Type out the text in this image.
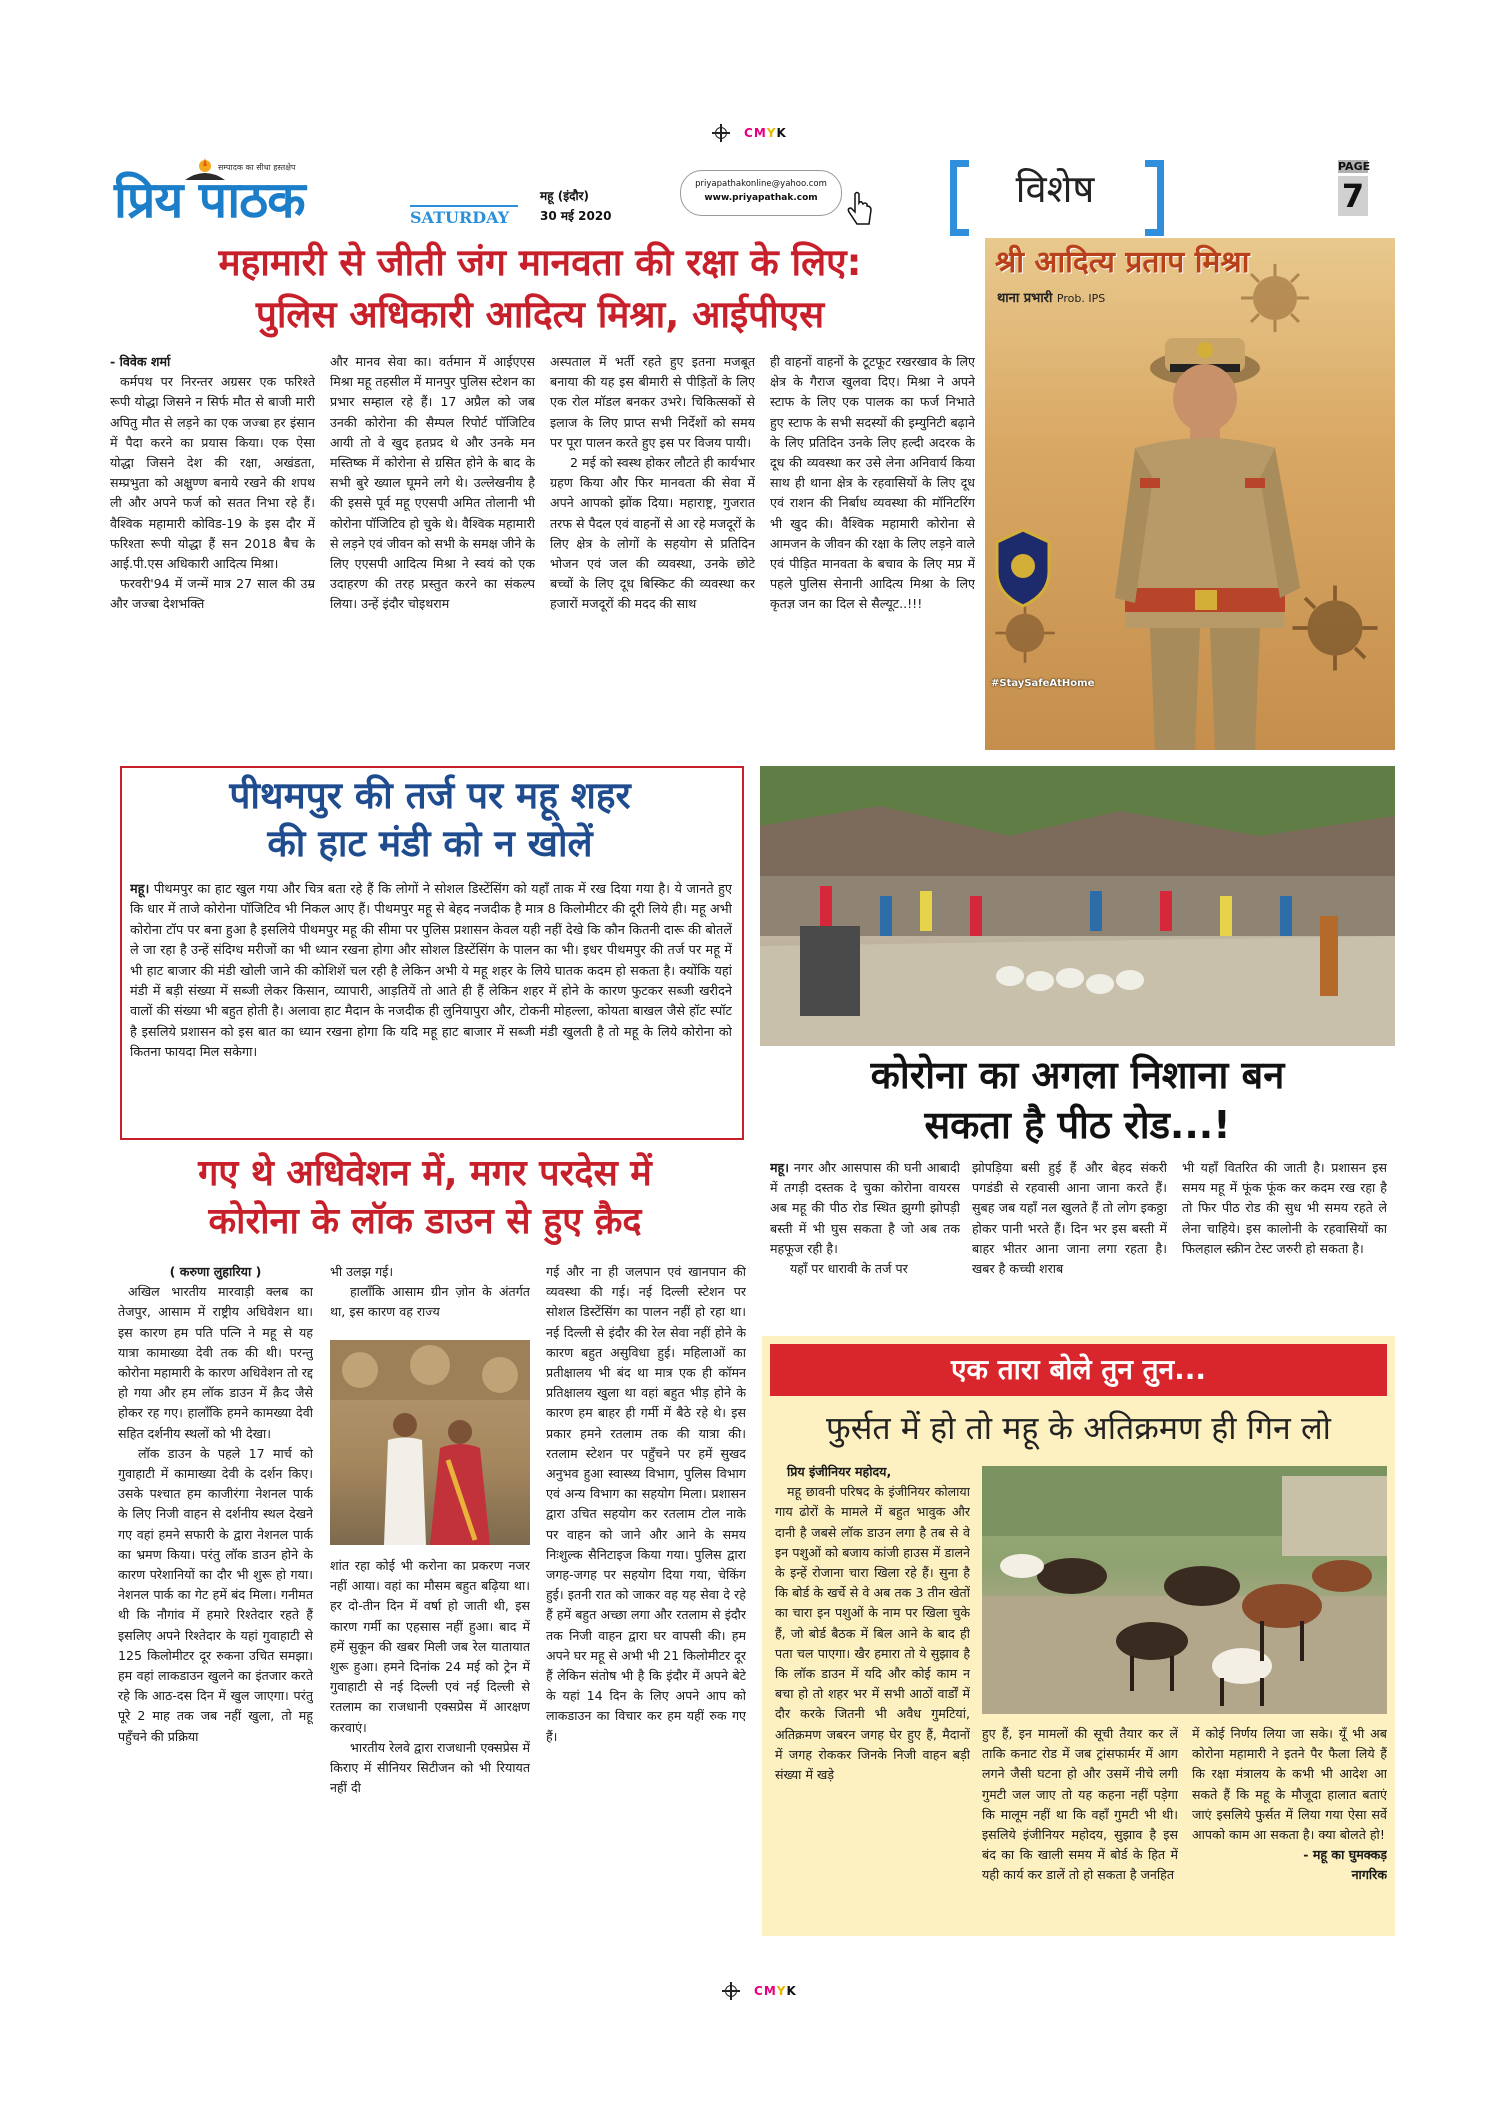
CMYK
सम्पादक का सीधा हस्तक्षेप
प्रिय पाठक	SATURDAY
महू (इंदौर)
30 मई 2020
priyapathakonline@yahoo.com
www.priyapathak.com	विशेष
PAGE
7
महामारी से जीती जंग मानवता की रक्षा के लिए:
पुलिस अधिकारी आदित्य मिश्रा, आईपीएस

- विवेक शर्मा

कर्मपथ पर निरन्तर अग्रसर एक फरिश्ते रूपी योद्धा जिसने न सिर्फ मौत से बाजी मारी अपितु मौत से लड़ने का एक जज्बा हर इंसान में पैदा करने का प्रयास किया। एक ऐसा योद्धा जिसने देश की रक्षा, अखंडता, सम्प्रभुता को अक्षुण्ण बनाये रखने की शपथ ली और अपने फर्ज को सतत निभा रहे हैं। वैश्विक महामारी कोविड-19 के इस दौर में फरिश्ता रूपी योद्धा हैं सन 2018 बैच के आई.पी.एस अधिकारी आदित्य मिश्रा।

फरवरी'94 में जन्में मात्र 27 साल की उम्र और जज्बा देशभक्ति

और मानव सेवा का। वर्तमान में आईएएस मिश्रा महू तहसील में मानपुर पुलिस स्टेशन का प्रभार सम्हाल रहे हैं। 17 अप्रैल को जब उनकी कोरोना की सैम्पल रिपोर्ट पॉजिटिव आयी तो वे खुद हतप्रद थे और उनके मन मस्तिष्क में कोरोना से ग्रसित होने के बाद के सभी बुरे ख्याल घूमने लगे थे। उल्लेखनीय है की इससे पूर्व महू एएसपी अमित तोलानी भी कोरोना पॉजिटिव हो चुके थे। वैश्विक महामारी से लड़ने एवं जीवन को सभी के समक्ष जीने के लिए एएसपी आदित्य मिश्रा ने स्वयं को एक उदाहरण की तरह प्रस्तुत करने का संकल्प लिया। उन्हें इंदौर चोइथराम

अस्पताल में भर्ती रहते हुए इतना मजबूत बनाया की यह इस बीमारी से पीड़ितों के लिए एक रोल मॉडल बनकर उभरे। चिकित्सकों से इलाज के लिए प्राप्त सभी निर्देशों को समय पर पूरा पालन करते हुए इस पर विजय पायी।

2 मई को स्वस्थ होकर लौटते ही कार्यभार ग्रहण किया और फिर मानवता की सेवा में अपने आपको झोंक दिया। महाराष्ट्र, गुजरात तरफ से पैदल एवं वाहनों से आ रहे मजदूरों के लिए क्षेत्र के लोगों के सहयोग से प्रतिदिन भोजन एवं जल की व्यवस्था, उनके छोटे बच्चों के लिए दूध बिस्किट की व्यवस्था कर हजारों मजदूरों की मदद की साथ

ही वाहनों वाहनों के टूटफूट रखरखाव के लिए क्षेत्र के गैराज खुलवा दिए। मिश्रा ने अपने स्टाफ के लिए एक पालक का फर्ज निभाते हुए स्टाफ के सभी सदस्यों की इम्युनिटी बढ़ाने के लिए प्रतिदिन उनके लिए हल्दी अदरक के दूध की व्यवस्था कर उसे लेना अनिवार्य किया साथ ही थाना क्षेत्र के रहवासियों के लिए दूध एवं राशन की निर्बाध व्यवस्था की मॉनिटरिंग भी खुद की। वैश्विक महामारी कोरोना से आमजन के जीवन की रक्षा के लिए लड़ने वाले एवं पीड़ित मानवता के बचाव के लिए मप्र में पहले पुलिस सेनानी आदित्य मिश्रा के लिए कृतज्ञ जन का दिल से सैल्यूट..!!!

श्री आदित्य प्रताप मिश्रा
थाना प्रभारी Prob. IPS
#StaySafeAtHome
पीथमपुर की तर्ज पर महू शहर
की हाट मंडी को न खोलें

महू। पीथमपुर का हाट खुल गया और चित्र बता रहे हैं कि लोगों ने सोशल डिस्टेंसिंग को यहाँ ताक में रख दिया गया है। ये जानते हुए कि धार में ताजे कोरोना पॉजिटिव भी निकल आए हैं। पीथमपुर महू से बेहद नजदीक है मात्र 8 किलोमीटर की दूरी लिये ही। महू अभी कोरोना टॉप पर बना हुआ है इसलिये पीथमपुर महू की सीमा पर पुलिस प्रशासन केवल यही नहीं देखे कि कौन कितनी दारू की बोतलें ले जा रहा है उन्हें संदिग्ध मरीजों का भी ध्यान रखना होगा और सोशल डिस्टेंसिंग के पालन का भी। इधर पीथमपुर की तर्ज पर महू में भी हाट बाजार की मंडी खोली जाने की कोशिशें चल रही है लेकिन अभी ये महू शहर के लिये घातक कदम हो सकता है। क्योंकि यहां मंडी में बड़ी संख्या में सब्जी लेकर किसान, व्यापारी, आड़तियें तो आते ही हैं लेकिन शहर में होने के कारण फुटकर सब्जी खरीदने वालों की संख्या भी बहुत होती है। अलावा हाट मैदान के नजदीक ही लुनियापुरा और, टोकनी मोहल्ला, कोयता बाखल जैसे हॉट स्पॉट है इसलिये प्रशासन को इस बात का ध्यान रखना होगा कि यदि महू हाट बाजार में सब्जी मंडी खुलती है तो महू के लिये कोरोना को कितना फायदा मिल सकेगा।

कोरोना का अगला निशाना बन
सकता है पीठ रोड...!

महू। नगर और आसपास की घनी आबादी में तगड़ी दस्तक दे चुका कोरोना वायरस अब महू की पीठ रोड स्थित झुग्गी झोपड़ी बस्ती में भी घुस सकता है जो अब तक महफूज रही है।

यहाँ पर धारावी के तर्ज पर

झोपड़िया बसी हुई हैं और बेहद संकरी पगडंडी से रहवासी आना जाना करते हैं। सुबह जब यहाँ नल खुलते हैं तो लोग इकठ्ठा होकर पानी भरते हैं। दिन भर इस बस्ती में बाहर भीतर आना जाना लगा रहता है। खबर है कच्ची शराब

भी यहाँ वितरित की जाती है। प्रशासन इस समय महू में फूंक फूंक कर कदम रख रहा है तो फिर पीठ रोड की सुध भी समय रहते ले लेना चाहिये। इस कालोनी के रहवासियों का फिलहाल स्क्रीन टेस्ट जरुरी हो सकता है।

गए थे अधिवेशन में, मगर परदेस में
कोरोना के लॉक डाउन से हुए क़ैद

( करुणा लुहारिया )

अखिल भारतीय मारवाड़ी क्लब का तेजपुर, आसाम में राष्ट्रीय अधिवेशन था। इस कारण हम पति पत्नि ने महू से यह यात्रा कामाख्या देवी तक की थी। परन्तु कोरोना महामारी के कारण अधिवेशन तो रद्द हो गया और हम लॉक डाउन में क़ैद जैसे होकर रह गए। हालाँकि हमने कामख्या देवी सहित दर्शनीय स्थलों को भी देखा।

लॉक डाउन के पहले 17 मार्च को गुवाहाटी में कामाख्या देवी के दर्शन किए। उसके पश्चात हम काजीरंगा नेशनल पार्क के लिए निजी वाहन से दर्शनीय स्थल देखने गए वहां हमने सफारी के द्वारा नेशनल पार्क का भ्रमण किया। परंतु लॉक डाउन होने के कारण परेशानियों का दौर भी शुरू हो गया। नेशनल पार्क का गेट हमें बंद मिला। गनीमत थी कि नौगांव में हमारे रिश्तेदार रहते हैं इसलिए अपने रिश्तेदार के यहां गुवाहाटी से 125 किलोमीटर दूर रुकना उचित समझा। हम वहां लाकडाउन खुलने का इंतजार करते रहे कि आठ-दस दिन में खुल जाएगा। परंतु पूरे 2 माह तक जब नहीं खुला, तो महू पहुँचने की प्रक्रिया

भी उलझ गई।

हालाँकि आसाम ग्रीन ज़ोन के अंतर्गत था, इस कारण वह राज्य

शांत रहा कोई भी करोना का प्रकरण नजर नहीं आया। वहां का मौसम बहुत बढ़िया था। हर दो-तीन दिन में वर्षा हो जाती थी, इस कारण गर्मी का एहसास नहीं हुआ। बाद में हमें सुकून की खबर मिली जब रेल यातायात शुरू हुआ। हमने दिनांक 24 मई को ट्रेन में गुवाहाटी से नई दिल्ली एवं नई दिल्ली से रतलाम का राजधानी एक्सप्रेस में आरक्षण करवाएं।

भारतीय रेलवे द्वारा राजधानी एक्सप्रेस में किराए में सीनियर सिटीजन को भी रियायत नहीं दी

गई और ना ही जलपान एवं खानपान की व्यवस्था की गई। नई दिल्ली स्टेशन पर सोशल डिस्टेंसिंग का पालन नहीं हो रहा था। नई दिल्ली से इंदौर की रेल सेवा नहीं होने के कारण बहुत असुविधा हुई। महिलाओं का प्रतीक्षालय भी बंद था मात्र एक ही कॉमन प्रतिक्षालय खुला था वहां बहुत भीड़ होने के कारण हम बाहर ही गर्मी में बैठे रहे थे। इस प्रकार हमने रतलाम तक की यात्रा की। रतलाम स्टेशन पर पहुँचने पर हमें सुखद अनुभव हुआ स्वास्थ्य विभाग, पुलिस विभाग एवं अन्य विभाग का सहयोग मिला। प्रशासन द्वारा उचित सहयोग कर रतलाम टोल नाके पर वाहन को जाने और आने के समय निःशुल्क सैनिटाइज किया गया। पुलिस द्वारा जगह-जगह पर सहयोग दिया गया, चेकिंग हुई। इतनी रात को जाकर वह यह सेवा दे रहे हैं हमें बहुत अच्छा लगा और रतलाम से इंदौर तक निजी वाहन द्वारा घर वापसी की। हम अपने घर महू से अभी भी 21 किलोमीटर दूर हैं लेकिन संतोष भी है कि इंदौर में अपने बेटे के यहां 14 दिन के लिए अपने आप को लाकडाउन का विचार कर हम यहीं रुक गए हैं।

एक तारा बोले तुन तुन...
फुर्सत में हो तो महू के अतिक्रमण ही गिन लो

प्रिय इंजीनियर महोदय,

महू छावनी परिषद के इंजीनियर कोलाया गाय ढोरों के मामले में बहुत भावुक और दानी है जबसे लॉक डाउन लगा है तब से वे इन पशुओं को बजाय कांजी हाउस में डालने के इन्हें रोजाना चारा खिला रहे हैं। सुना है कि बोर्ड के खर्चे से वे अब तक 3 तीन खेतों का चारा इन पशुओं के नाम पर खिला चुके हैं, जो बोर्ड बैठक में बिल आने के बाद ही पता चल पाएगा। खैर हमारा तो ये सुझाव है कि लॉक डाउन में यदि और कोई काम न बचा हो तो शहर भर में सभी आठों वार्डों में दौर करके जितनी भी अवैध गुमटियां, अतिक्रमण जबरन जगह घेर हुए हैं, मैदानों में जगह रोककर जिनके निजी वाहन बड़ी संख्या में खड़े

हुए हैं, इन मामलों की सूची तैयार कर लें ताकि कनाट रोड में जब ट्रांसफार्मर में आग लगने जैसी घटना हो और उसमें नीचे लगी गुमटी जल जाए तो यह कहना नहीं पड़ेगा कि मालूम नहीं था कि वहाँ गुमटी भी थी। इसलिये इंजीनियर महोदय, सुझाव है इस बंद का कि खाली समय में बोर्ड के हित में यही कार्य कर डालें तो हो सकता है जनहित

में कोई निर्णय लिया जा सके। यूँ भी अब कोरोना महामारी ने इतने पैर फैला लिये हैं कि रक्षा मंत्रालय के कभी भी आदेश आ सकते हैं कि महू के मौजूदा हालात बताएं जाएं इसलिये फुर्सत में लिया गया ऐसा सर्वे आपको काम आ सकता है। क्या बोलते हो!

- महू का घुमक्कड़

नागरिक

CMYK
